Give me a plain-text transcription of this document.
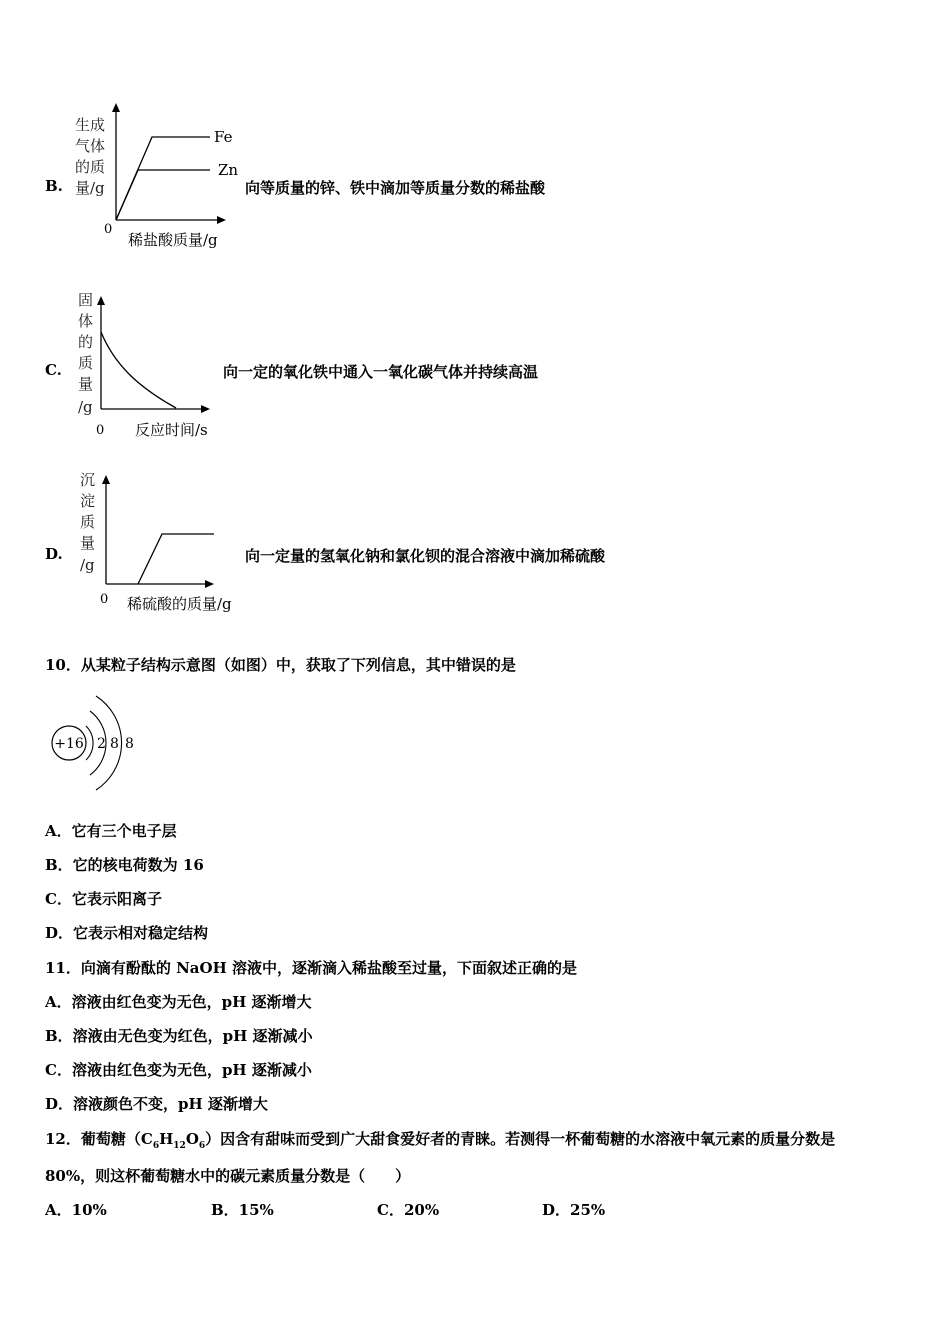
B.
生成
气体
的质
量/g
Fe
Zn
0
稀盐酸质量/g
向等质量的锌、铁中滴加等质量分数的稀盐酸
C.
固
体
的
质
量
/g
0 反应时间/s
向一定的氧化铁中通入一氧化碳气体并持续高温
D.
沉
淀
质
量
/g
0 稀硫酸的质量/g
向一定量的氢氧化钠和氯化钡的混合溶液中滴加稀硫酸
10．从某粒子结构示意图（如图）中，获取了下列信息，其中错误的是
+16 2 8 8
A．它有三个电子层
B．它的核电荷数为 16
C．它表示阳离子
D．它表示相对稳定结构
11．向滴有酚酞的 NaOH 溶液中，逐渐滴入稀盐酸至过量，下面叙述正确的是
A．溶液由红色变为无色，pH 逐渐增大
B．溶液由无色变为红色，pH 逐渐减小
C．溶液由红色变为无色，pH 逐渐减小
D．溶液颜色不变，pH 逐渐增大
12．葡萄糖$(C_6H_{12}O_6)$因含有甜味而受到广大甜食爱好者的青睐。若测得一杯葡萄糖的水溶液中氧元素的质量分数是
80%，则这杯葡萄糖水中的碳元素质量分数是（　　）
A．10%	B．15%	C．20%	D．25%
